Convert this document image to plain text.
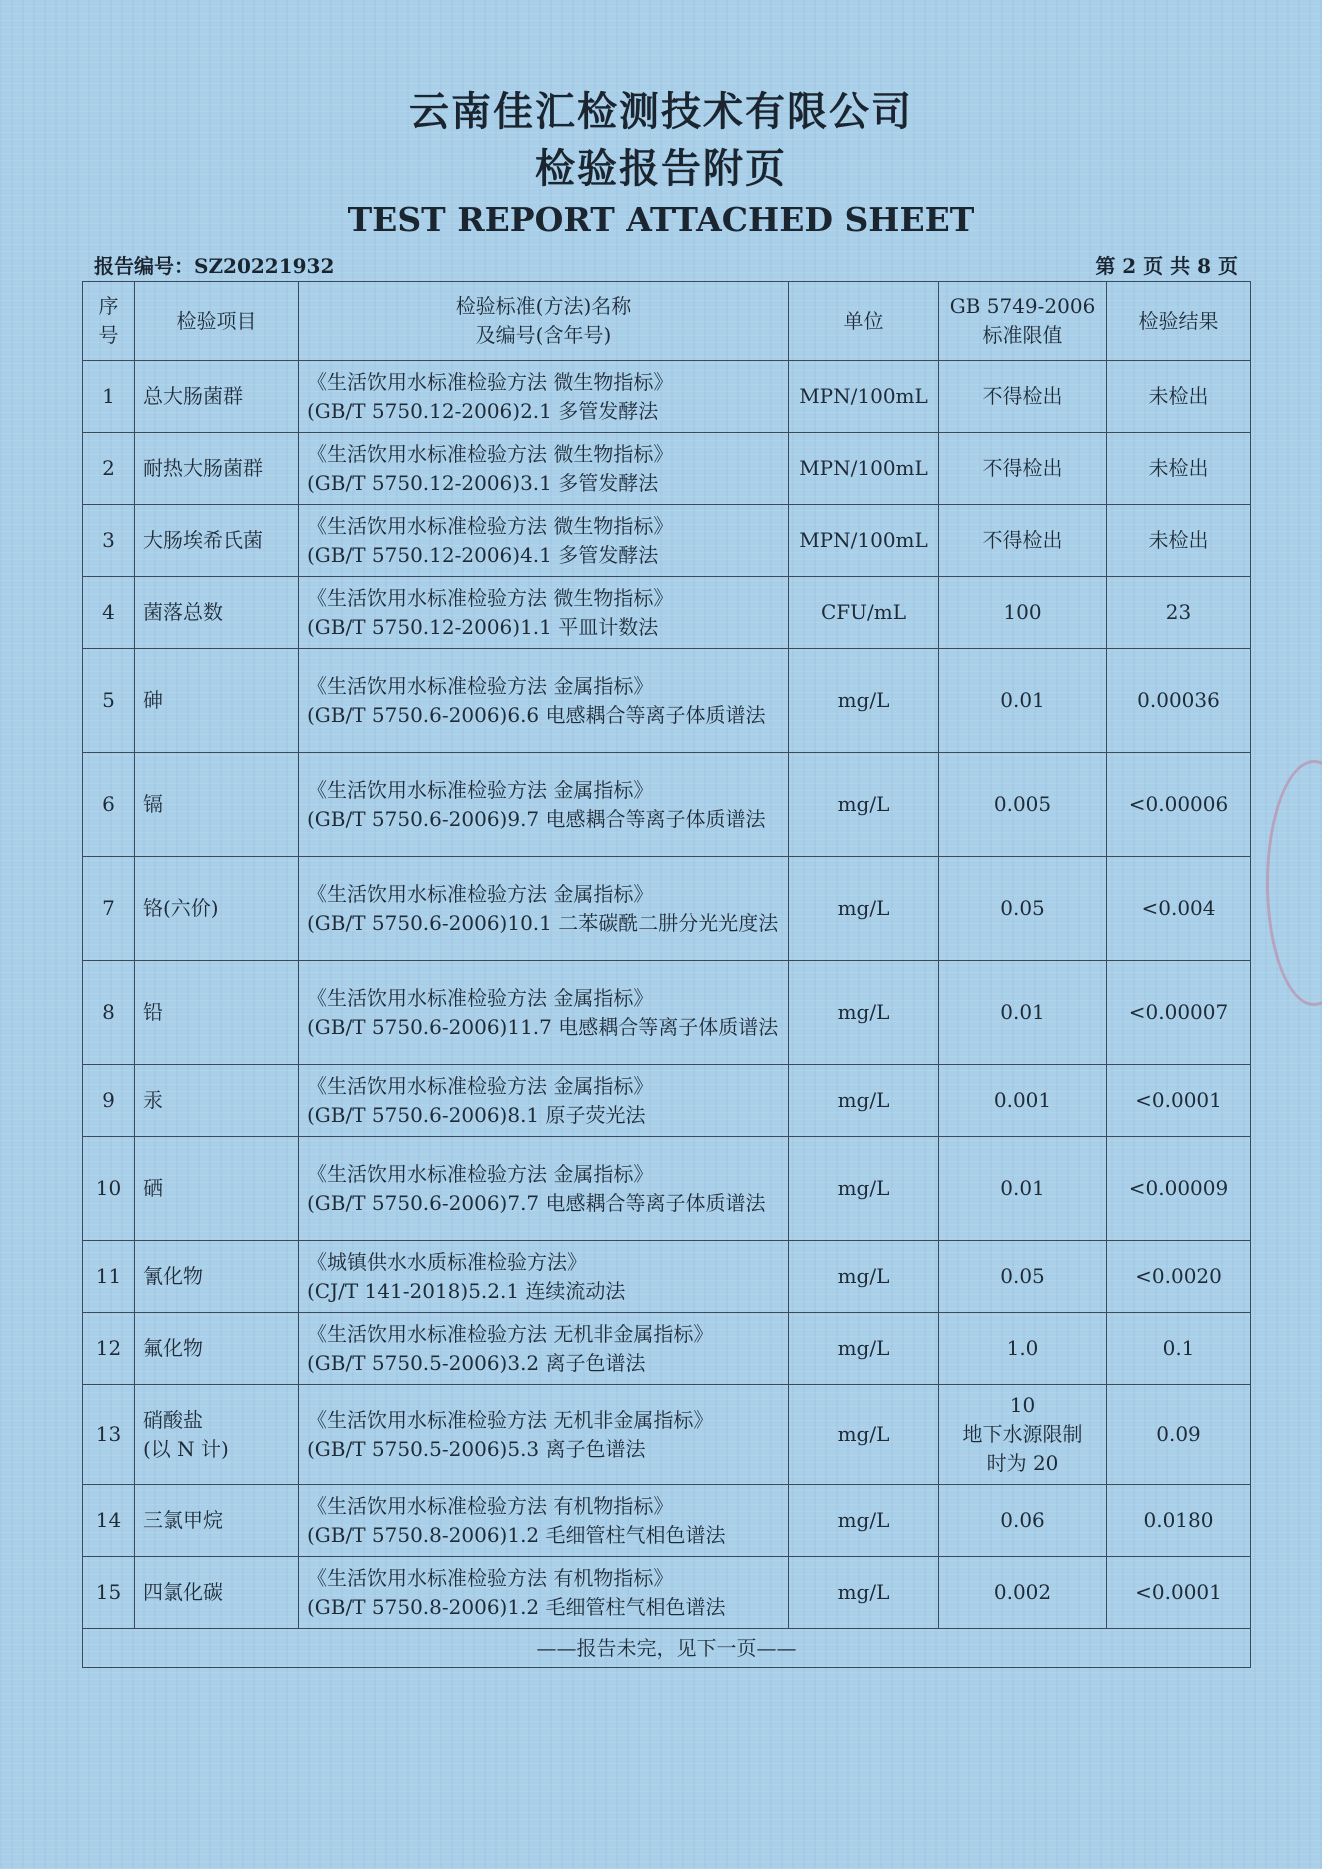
云南佳汇检测技术有限公司
检验报告附页
TEST REPORT ATTACHED SHEET
报告编号：SZ20221932	第 2 页 共 8 页
序
号	检验项目	检验标准(方法)名称
及编号(含年号)	单位	GB 5749-2006
标准限值	检验结果
1	总大肠菌群	《生活饮用水标准检验方法 微生物指标》
(GB/T 5750.12-2006)2.1 多管发酵法	MPN/100mL	不得检出	未检出
2	耐热大肠菌群	《生活饮用水标准检验方法 微生物指标》
(GB/T 5750.12-2006)3.1 多管发酵法	MPN/100mL	不得检出	未检出
3	大肠埃希氏菌	《生活饮用水标准检验方法 微生物指标》
(GB/T 5750.12-2006)4.1 多管发酵法	MPN/100mL	不得检出	未检出
4	菌落总数	《生活饮用水标准检验方法 微生物指标》
(GB/T 5750.12-2006)1.1 平皿计数法	CFU/mL	100	23
5	砷	《生活饮用水标准检验方法 金属指标》
(GB/T 5750.6-2006)6.6 电感耦合等离子体质谱法	mg/L	0.01	0.00036
6	镉	《生活饮用水标准检验方法 金属指标》
(GB/T 5750.6-2006)9.7 电感耦合等离子体质谱法	mg/L	0.005	<0.00006
7	铬(六价)	《生活饮用水标准检验方法 金属指标》
(GB/T 5750.6-2006)10.1 二苯碳酰二肼分光光度法	mg/L	0.05	<0.004
8	铅	《生活饮用水标准检验方法 金属指标》
(GB/T 5750.6-2006)11.7 电感耦合等离子体质谱法	mg/L	0.01	<0.00007
9	汞	《生活饮用水标准检验方法 金属指标》
(GB/T 5750.6-2006)8.1 原子荧光法	mg/L	0.001	<0.0001
10	硒	《生活饮用水标准检验方法 金属指标》
(GB/T 5750.6-2006)7.7 电感耦合等离子体质谱法	mg/L	0.01	<0.00009
11	氰化物	《城镇供水水质标准检验方法》
(CJ/T 141-2018)5.2.1 连续流动法	mg/L	0.05	<0.0020
12	氟化物	《生活饮用水标准检验方法 无机非金属指标》
(GB/T 5750.5-2006)3.2 离子色谱法	mg/L	1.0	0.1
13	硝酸盐
(以 N 计)	《生活饮用水标准检验方法 无机非金属指标》
(GB/T 5750.5-2006)5.3 离子色谱法	mg/L	10
地下水源限制
时为 20	0.09
14	三氯甲烷	《生活饮用水标准检验方法 有机物指标》
(GB/T 5750.8-2006)1.2 毛细管柱气相色谱法	mg/L	0.06	0.0180
15	四氯化碳	《生活饮用水标准检验方法 有机物指标》
(GB/T 5750.8-2006)1.2 毛细管柱气相色谱法	mg/L	0.002	<0.0001
——报告未完，见下一页——					
